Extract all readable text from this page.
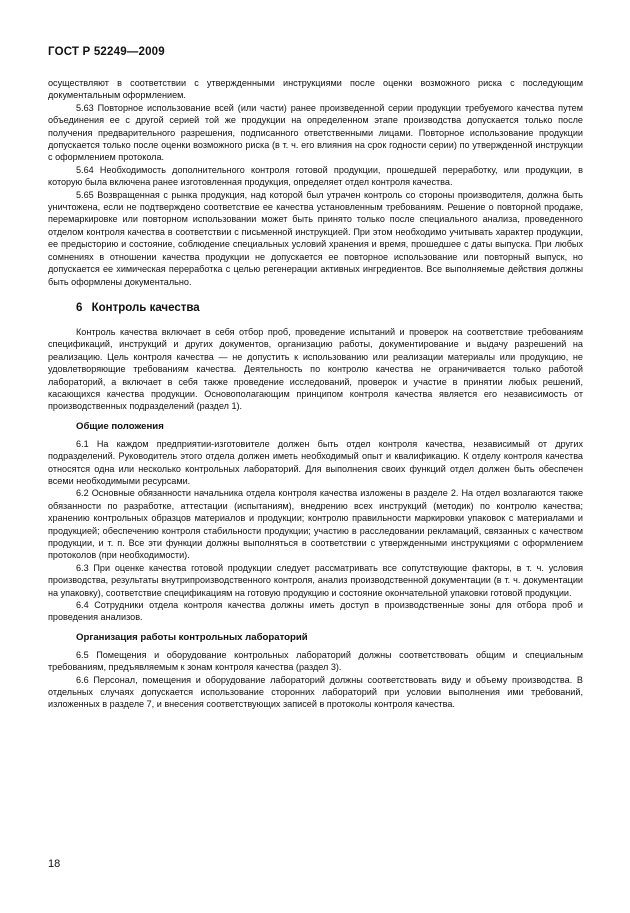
ГОСТ Р 52249—2009

осуществляют в соответствии с утвержденными инструкциями после оценки возможного риска с последующим документальным оформлением.

5.63 Повторное использование всей (или части) ранее произведенной серии продукции требуемого качества путем объединения ее с другой серией той же продукции на определенном этапе производства допускается только после получения предварительного разрешения, подписанного ответственными лицами. Повторное использование продукции допускается только после оценки возможного риска (в т. ч. его влияния на срок годности серии) по утвержденной инструкции с оформлением протокола.

5.64 Необходимость дополнительного контроля готовой продукции, прошедшей переработку, или продукции, в которую была включена ранее изготовленная продукция, определяет отдел контроля качества.

5.65 Возвращенная с рынка продукция, над которой был утрачен контроль со стороны производителя, должна быть уничтожена, если не подтверждено соответствие ее качества установленным требованиям. Решение о повторной продаже, перемаркировке или повторном использовании может быть принято только после специального анализа, проведенного отделом контроля качества в соответствии с письменной инструкцией. При этом необходимо учитывать характер продукции, ее предысторию и состояние, соблюдение специальных условий хранения и время, прошедшее с даты выпуска. При любых сомнениях в отношении качества продукции не допускается ее повторное использование или повторный выпуск, но допускается ее химическая переработка с целью регенерации активных ингредиентов. Все выполняемые действия должны быть оформлены документально.

6 Контроль качества

Контроль качества включает в себя отбор проб, проведение испытаний и проверок на соответствие требованиям спецификаций, инструкций и других документов, организацию работы, документирование и выдачу разрешений на реализацию. Цель контроля качества — не допустить к использованию или реализации материалы или продукцию, не удовлетворяющие требованиям качества. Деятельность по контролю качества не ограничивается только работой лабораторий, а включает в себя также проведение исследований, проверок и участие в принятии любых решений, касающихся качества продукции. Основополагающим принципом контроля качества является его независимость от производственных подразделений (раздел 1).

Общие положения

6.1 На каждом предприятии-изготовителе должен быть отдел контроля качества, независимый от других подразделений. Руководитель этого отдела должен иметь необходимый опыт и квалификацию. К отделу контроля качества относятся одна или несколько контрольных лабораторий. Для выполнения своих функций отдел должен быть обеспечен всеми необходимыми ресурсами.

6.2 Основные обязанности начальника отдела контроля качества изложены в разделе 2. На отдел возлагаются также обязанности по разработке, аттестации (испытаниям), внедрению всех инструкций (методик) по контролю качества; хранению контрольных образцов материалов и продукции; контролю правильности маркировки упаковок с материалами и продукцией; обеспечению контроля стабильности продукции; участию в расследовании рекламаций, связанных с качеством продукции, и т. п. Все эти функции должны выполняться в соответствии с утвержденными инструкциями с оформлением протоколов (при необходимости).

6.3 При оценке качества готовой продукции следует рассматривать все сопутствующие факторы, в т. ч. условия производства, результаты внутрипроизводственного контроля, анализ производственной документации (в т. ч. документации на упаковку), соответствие спецификациям на готовую продукцию и состояние окончательной упаковки готовой продукции.

6.4 Сотрудники отдела контроля качества должны иметь доступ в производственные зоны для отбора проб и проведения анализов.

Организация работы контрольных лабораторий

6.5 Помещения и оборудование контрольных лабораторий должны соответствовать общим и специальным требованиям, предъявляемым к зонам контроля качества (раздел 3).

6.6 Персонал, помещения и оборудование лабораторий должны соответствовать виду и объему производства. В отдельных случаях допускается использование сторонних лабораторий при условии выполнения ими требований, изложенных в разделе 7, и внесения соответствующих записей в протоколы контроля качества.

18
